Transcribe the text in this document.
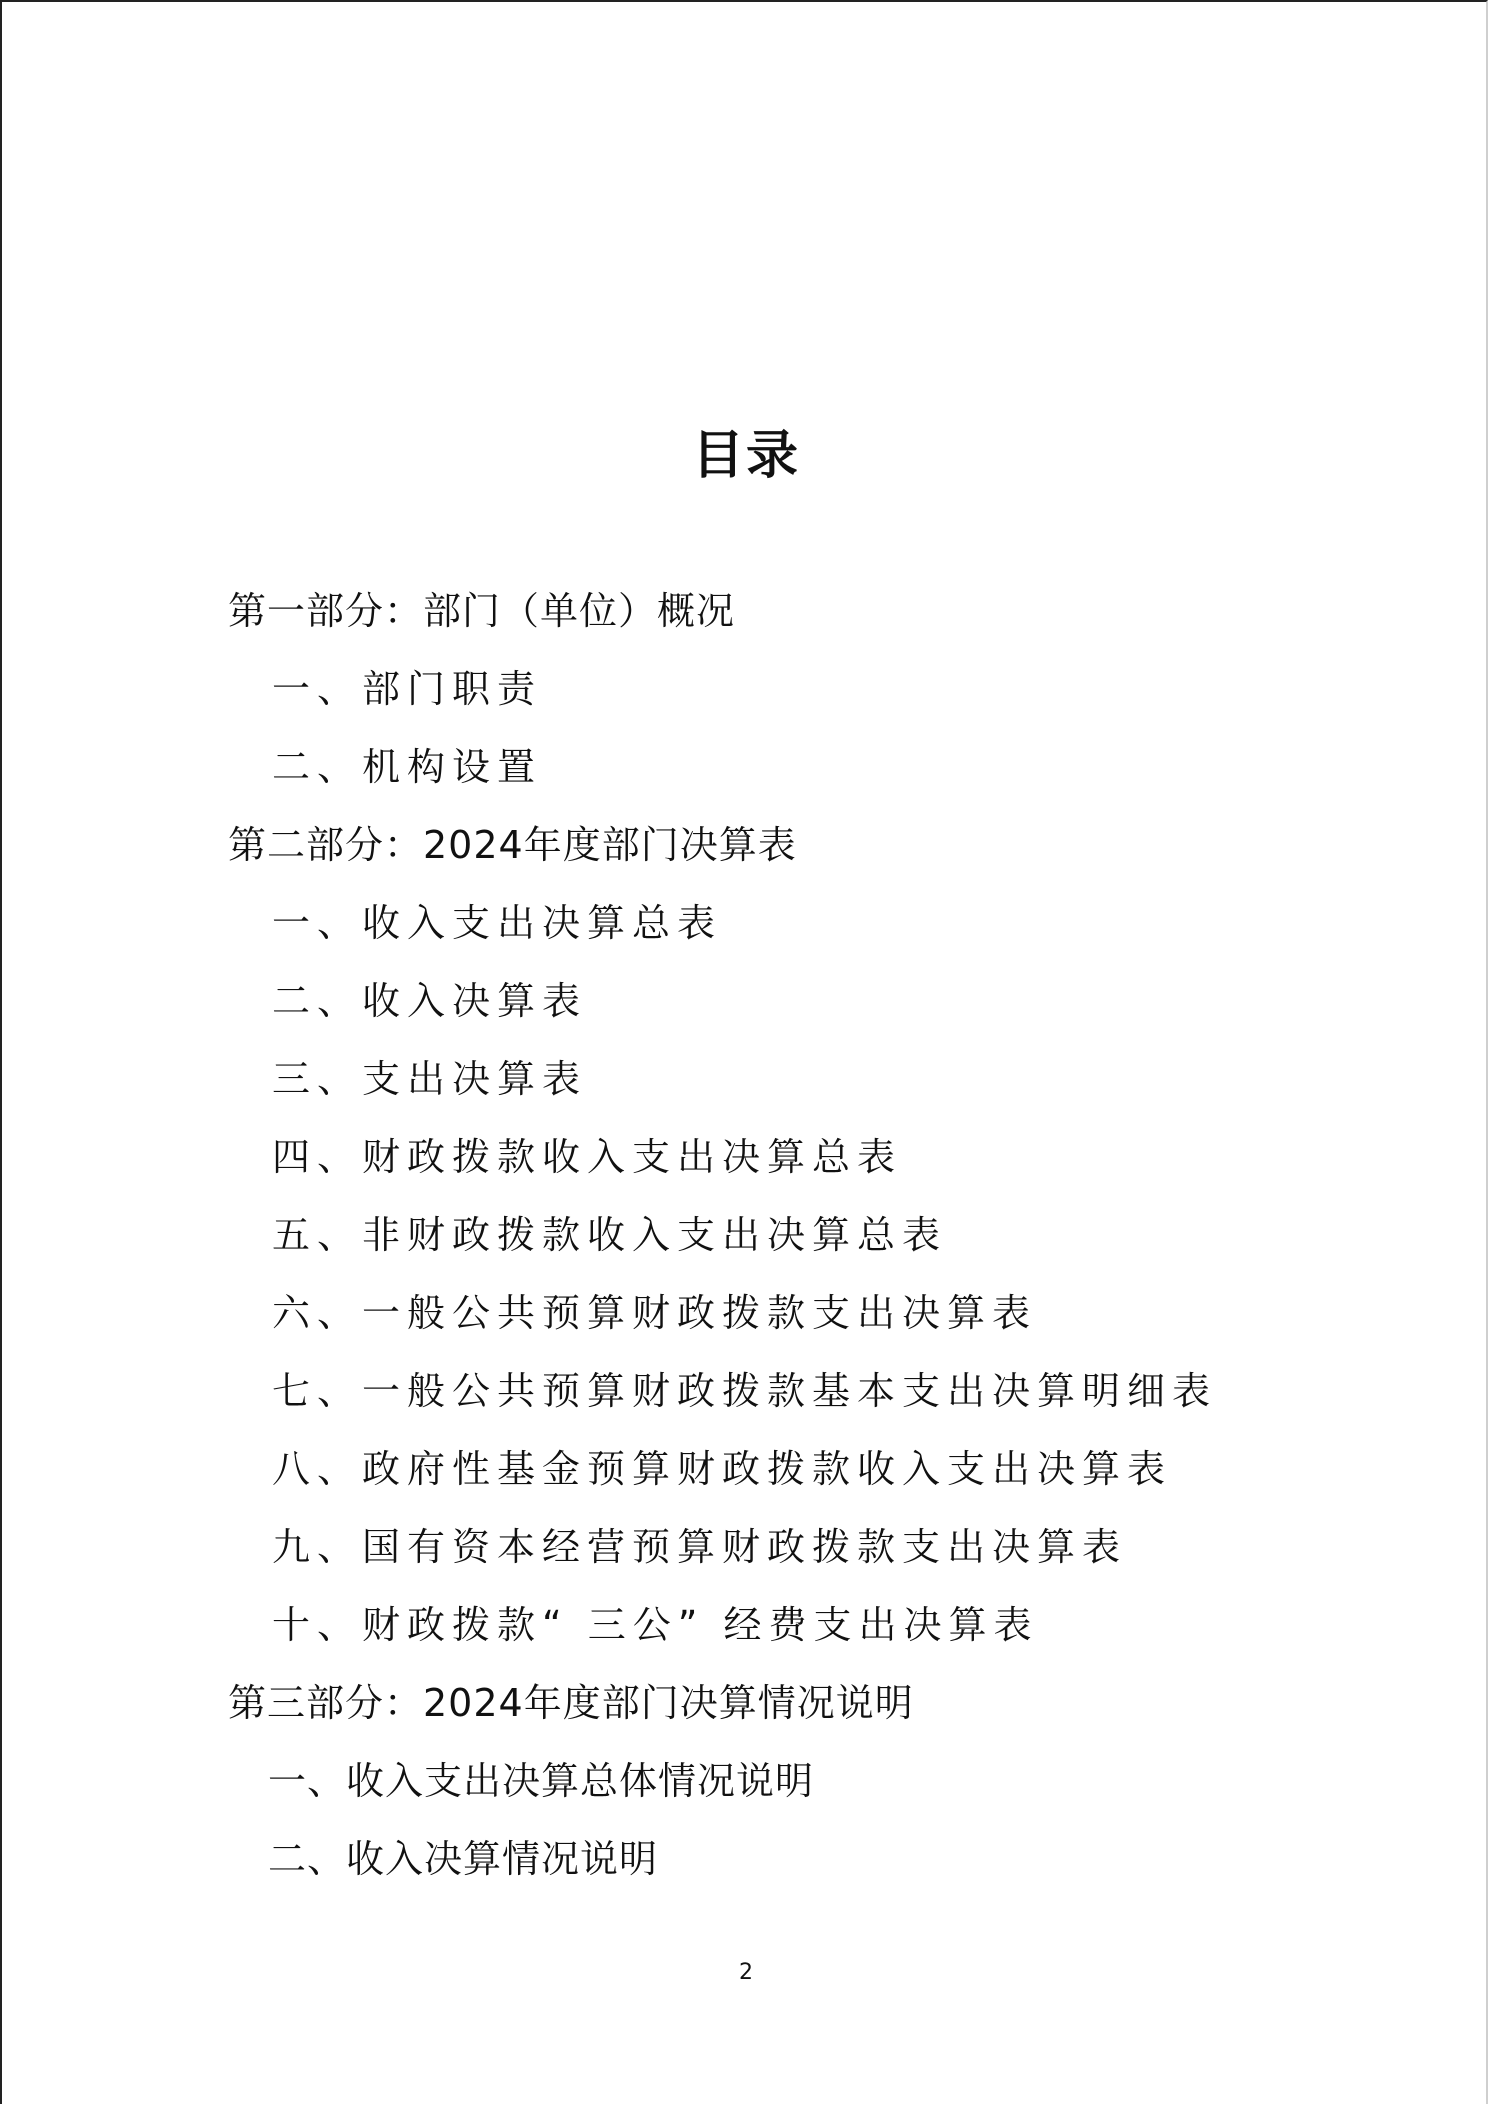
目录
第一部分：部门（单位）概况
一、部门职责
二、机构设置
第二部分：2024年度部门决算表
一、收入支出决算总表
二、收入决算表
三、支出决算表
四、财政拨款收入支出决算总表
五、非财政拨款收入支出决算总表
六、一般公共预算财政拨款支出决算表
七、一般公共预算财政拨款基本支出决算明细表
八、政府性基金预算财政拨款收入支出决算表
九、国有资本经营预算财政拨款支出决算表
十、财政拨款“ 三公” 经费支出决算表
第三部分：2024年度部门决算情况说明
一、收入支出决算总体情况说明
二、收入决算情况说明
2
